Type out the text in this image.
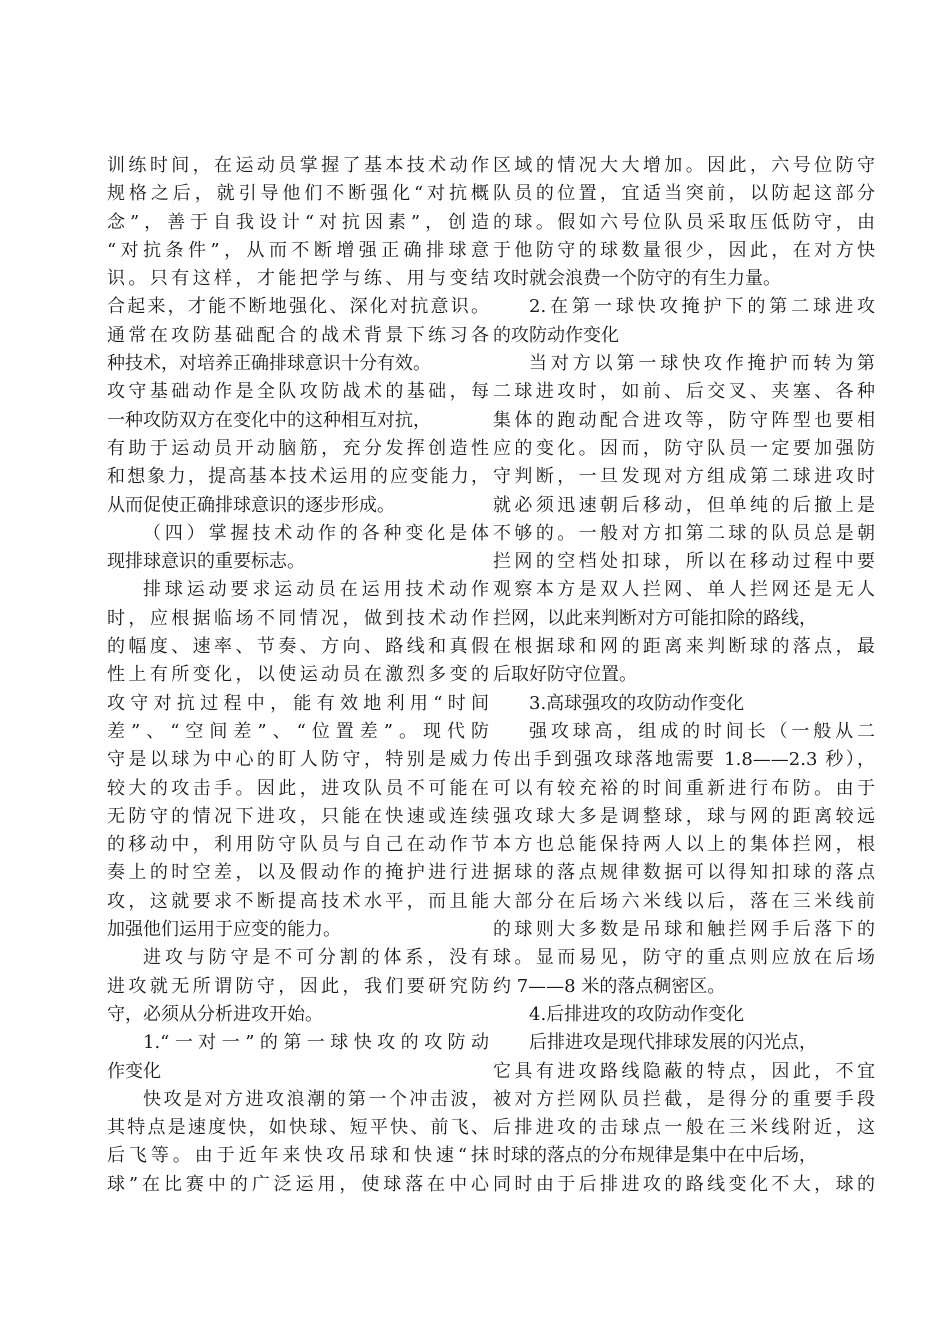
训练时间，在运动员掌握了基本技术动作
规格之后，就引导他们不断强化“对抗概
念”，善于自我设计“对抗因素”，创造
“对抗条件”，从而不断增强正确排球意
识。只有这样，才能把学与练、用与变结
合起来，才能不断地强化、深化对抗意识。
通常在攻防基础配合的战术背景下练习各
种技术，对培养正确排球意识十分有效。
攻守基础动作是全队攻防战术的基础，每
一种攻防双方在变化中的这种相互对抗，
有助于运动员开动脑筋，充分发挥创造性
和想象力，提高基本技术运用的应变能力，
从而促使正确排球意识的逐步形成。
（四）掌握技术动作的各种变化是体
现排球意识的重要标志。
排球运动要求运动员在运用技术动作
时，应根据临场不同情况，做到技术动作
的幅度、速率、节奏、方向、路线和真假
性上有所变化，以使运动员在激烈多变的
攻守对抗过程中，能有效地利用“时间
差”、“空间差”、“位置差”。现代防
守是以球为中心的盯人防守，特别是威力
较大的攻击手。因此，进攻队员不可能在
无防守的情况下进攻，只能在快速或连续
的移动中，利用防守队员与自己在动作节
奏上的时空差，以及假动作的掩护进行进
攻，这就要求不断提高技术水平，而且能
加强他们运用于应变的能力。
进攻与防守是不可分割的体系，没有
进攻就无所谓防守，因此，我们要研究防
守，必须从分析进攻开始。
1.“一对一”的第一球快攻的攻防动
作变化
快攻是对方进攻浪潮的第一个冲击波，
其特点是速度快，如快球、短平快、前飞、
后飞等。由于近年来快攻吊球和快速“抹
球”在比赛中的广泛运用，使球落在中心
区域的情况大大增加。因此，六号位防守
队员的位置，宜适当突前，以防起这部分
的球。假如六号位队员采取压低防守，由
于他防守的球数量很少，因此，在对方快
攻时就会浪费一个防守的有生力量。
2.在第一球快攻掩护下的第二球进攻
的攻防动作变化
当对方以第一球快攻作掩护而转为第
二球进攻时，如前、后交叉、夹塞、各种
集体的跑动配合进攻等，防守阵型也要相
应的变化。因而，防守队员一定要加强防
守判断，一旦发现对方组成第二球进攻时
就必须迅速朝后移动，但单纯的后撤上是
不够的。一般对方扣第二球的队员总是朝
拦网的空档处扣球，所以在移动过程中要
观察本方是双人拦网、单人拦网还是无人
拦网，以此来判断对方可能扣除的路线，
在根据球和网的距离来判断球的落点，最
后取好防守位置。
3.高球强攻的攻防动作变化
强攻球高，组成的时间长（一般从二
传出手到强攻球落地需要 1.8——2.3 秒），
可以有较充裕的时间重新进行布防。由于
强攻球大多是调整球，球与网的距离较远
本方也总能保持两人以上的集体拦网，根
据球的落点规律数据可以得知扣球的落点
大部分在后场六米线以后，落在三米线前
的球则大多数是吊球和触拦网手后落下的
球。显而易见，防守的重点则应放在后场
约 7——8 米的落点稠密区。
4.后排进攻的攻防动作变化
后排进攻是现代排球发展的闪光点，
它具有进攻路线隐蔽的特点，因此，不宜
被对方拦网队员拦截，是得分的重要手段
后排进攻的击球点一般在三米线附近，这
时球的落点的分布规律是集中在中后场，
同时由于后排进攻的路线变化不大，球的
